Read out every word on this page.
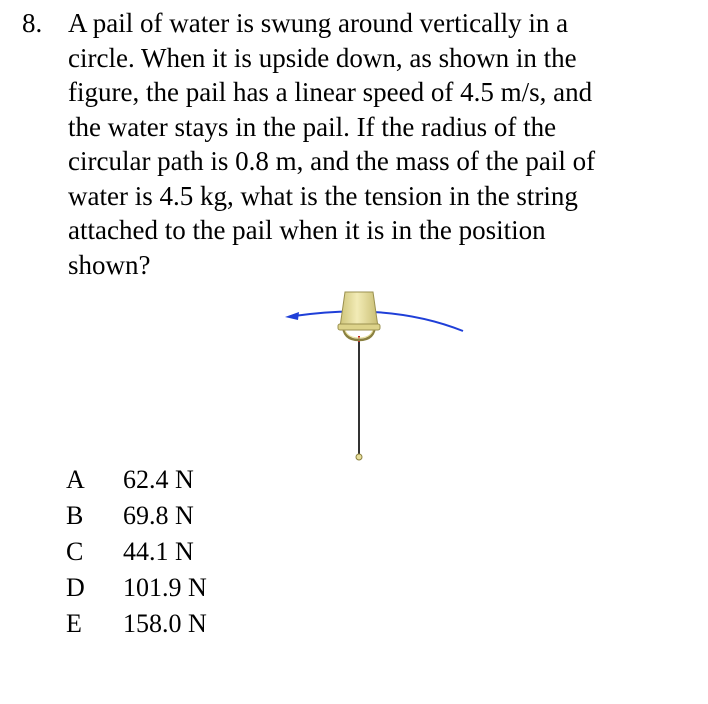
8. A pail of water is swung around vertically in a
circle. When it is upside down, as shown in the
figure, the pail has a linear speed of 4.5 m/s, and
the water stays in the pail. If the radius of the
circular path is 0.8 m, and the mass of the pail of
water is 4.5 kg, what is the tension in the string
attached to the pail when it is in the position
shown?
A	62.4 N
B	69.8 N
C	44.1 N
D	101.9 N
E	158.0 N
